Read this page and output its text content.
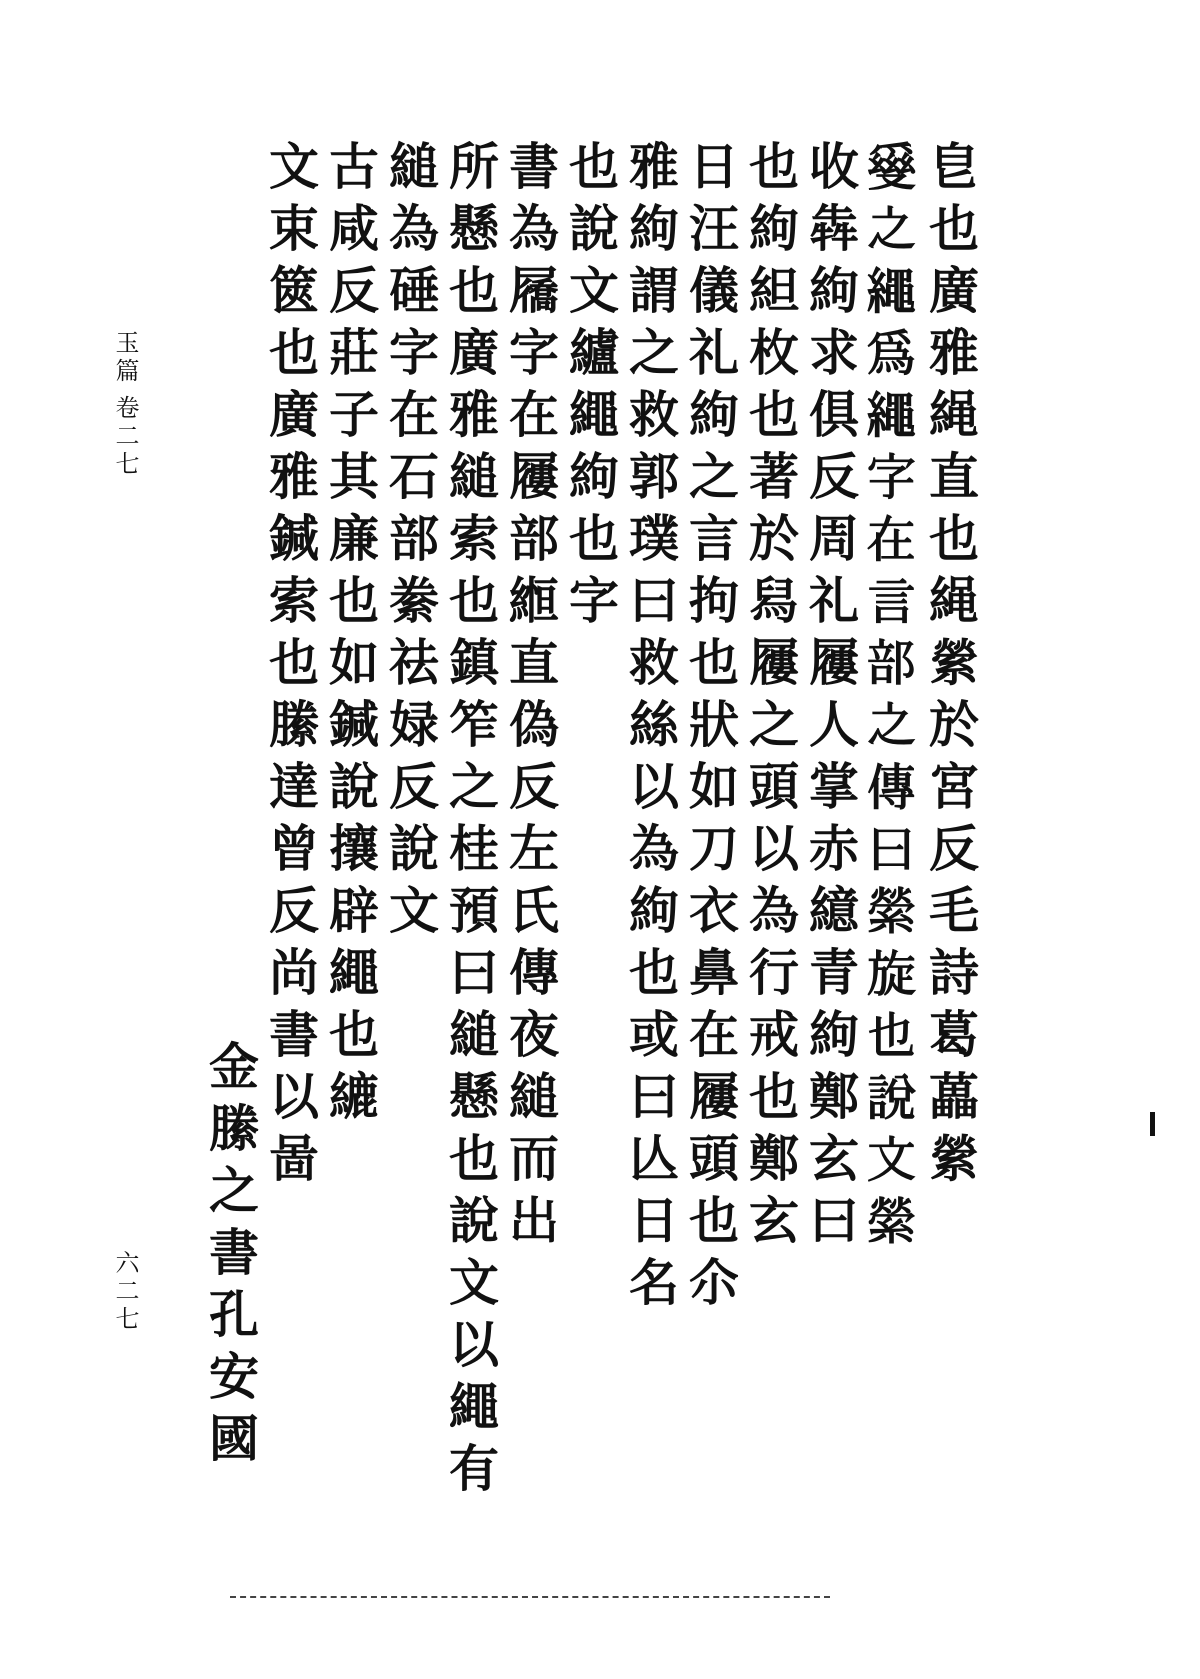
皀也廣雅䋲直也䋲縈於宮反毛詩葛藟縈
𤔪之繩為繩字在言部之傳曰縈旋也說文縈
收犇絇求俱反周礼屨人掌赤繶青絇鄭玄曰
也絇䋎枚也著於舄屨之頭以為行戒也鄭玄
日汪儀礼絇之言拘也狀如刀衣鼻在屨頭也尒
雅絇謂之救郭璞曰救絲以為絇也或曰亾日名
也說文纑繩絇也字
書為屩字在屨部縆直偽反左氏傳夜縋而出
所懸也廣雅縋索也鎮笮之桂預曰縋懸也說文以繩有
縋為硾字在石部絭祛娽反說文
古咸反莊子其廉也如鍼說攘辟繩也䌒
文束篋也廣雅鍼索也縢達曾反尚書以啚
金縢之書孔安國
玉篇
卷二七
六二七
